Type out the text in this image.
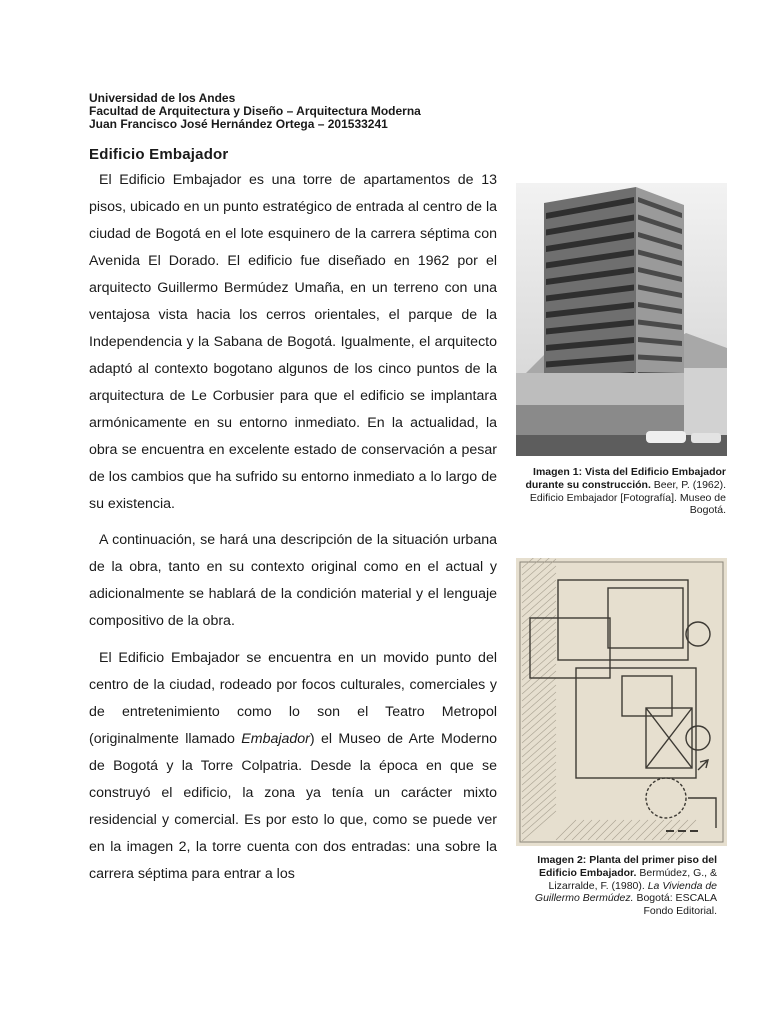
Universidad de los Andes
Facultad de Arquitectura y Diseño – Arquitectura Moderna
Juan Francisco José Hernández Ortega – 201533241
Edificio Embajador

El Edificio Embajador es una torre de apartamentos de 13 pisos, ubicado en un punto estratégico de entrada al centro de la ciudad de Bogotá en el lote esquinero de la carrera séptima con Avenida El Dorado. El edificio fue diseñado en 1962 por el arquitecto Guillermo Bermúdez Umaña, en un terreno con una ventajosa vista hacia los cerros orientales, el parque de la Independencia y la Sabana de Bogotá. Igualmente, el arquitecto adaptó al contexto bogotano algunos de los cinco puntos de la arquitectura de Le Corbusier para que el edificio se implantara armónicamente en su entorno inmediato. En la actualidad, la obra se encuentra en excelente estado de conservación a pesar de los cambios que ha sufrido su entorno inmediato a lo largo de su existencia.

A continuación, se hará una descripción de la situación urbana de la obra, tanto en su contexto original como en el actual y adicionalmente se hablará de la condición material y el lenguaje compositivo de la obra.

El Edificio Embajador se encuentra en un movido punto del centro de la ciudad, rodeado por focos culturales, comerciales y de entretenimiento como lo son el Teatro Metropol (originalmente llamado Embajador) el Museo de Arte Moderno de Bogotá y la Torre Colpatria. Desde la época en que se construyó el edificio, la zona ya tenía un carácter mixto residencial y comercial. Es por esto lo que, como se puede ver en la imagen 2, la torre cuenta con dos entradas: una sobre la carrera séptima para entrar a los

Imagen 1: Vista del Edificio Embajador durante su construcción. Beer, P. (1962). Edificio Embajador [Fotografía]. Museo de Bogotá.
Imagen 2: Planta del primer piso del Edificio Embajador. Bermúdez, G., & Lizarralde, F. (1980). La Vivienda de Guillermo Bermúdez. Bogotá: ESCALA Fondo Editorial.
